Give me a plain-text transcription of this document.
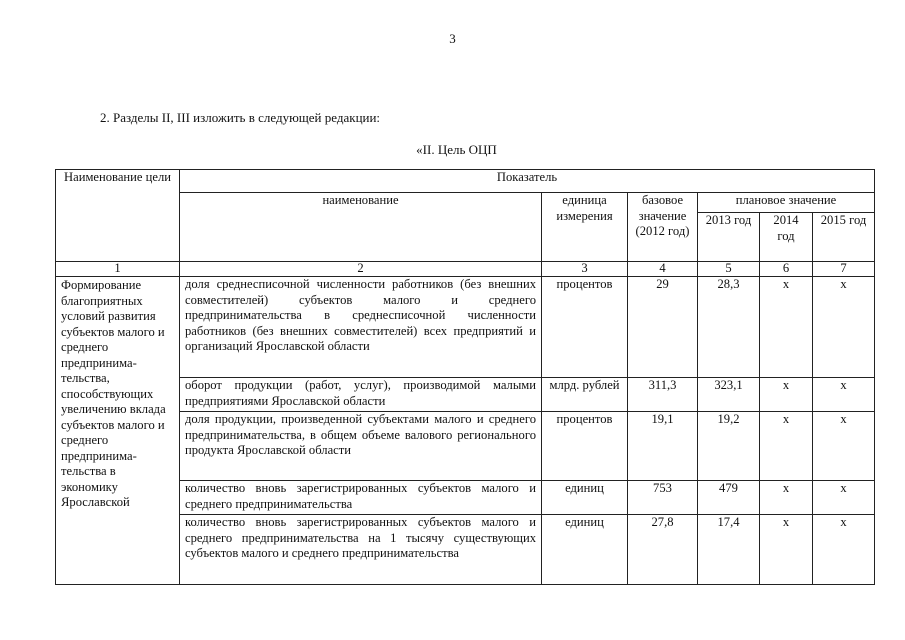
3
2. Разделы II, III изложить в следующей редакции:
«II. Цель ОЦП
Наименование цели	Показатель					
	наименование	единица измерения	базовое значение (2012 год)	плановое значение		
				2013 год	2014 год	2015 год
1	2	3	4	5	6	7
Формирование благоприятных условий развития субъектов малого и среднего предпринима-тельства, способствующих увеличению вклада субъектов малого и среднего предпринима-тельства в экономику Ярославской	доля среднесписочной численности работников (без внешних совместителей) субъектов малого и среднего предпринимательства в среднесписочной численности работников (без внешних совместителей) всех предприятий и организаций Ярославской области	процентов	29	28,3	х	х
	оборот продукции (работ, услуг), производимой малыми предприятиями Ярославской области	млрд. рублей	311,3	323,1	х	х
	доля продукции, произведенной субъектами малого и среднего предпринимательства, в общем объеме валового регионального продукта Ярославской области	процентов	19,1	19,2	х	х
	количество вновь зарегистрированных субъектов малого и среднего предпринимательства	единиц	753	479	х	х
	количество вновь зарегистрированных субъектов малого и среднего предпринимательства на 1 тысячу существующих субъектов малого и среднего предпринимательства	единиц	27,8	17,4	х	х
